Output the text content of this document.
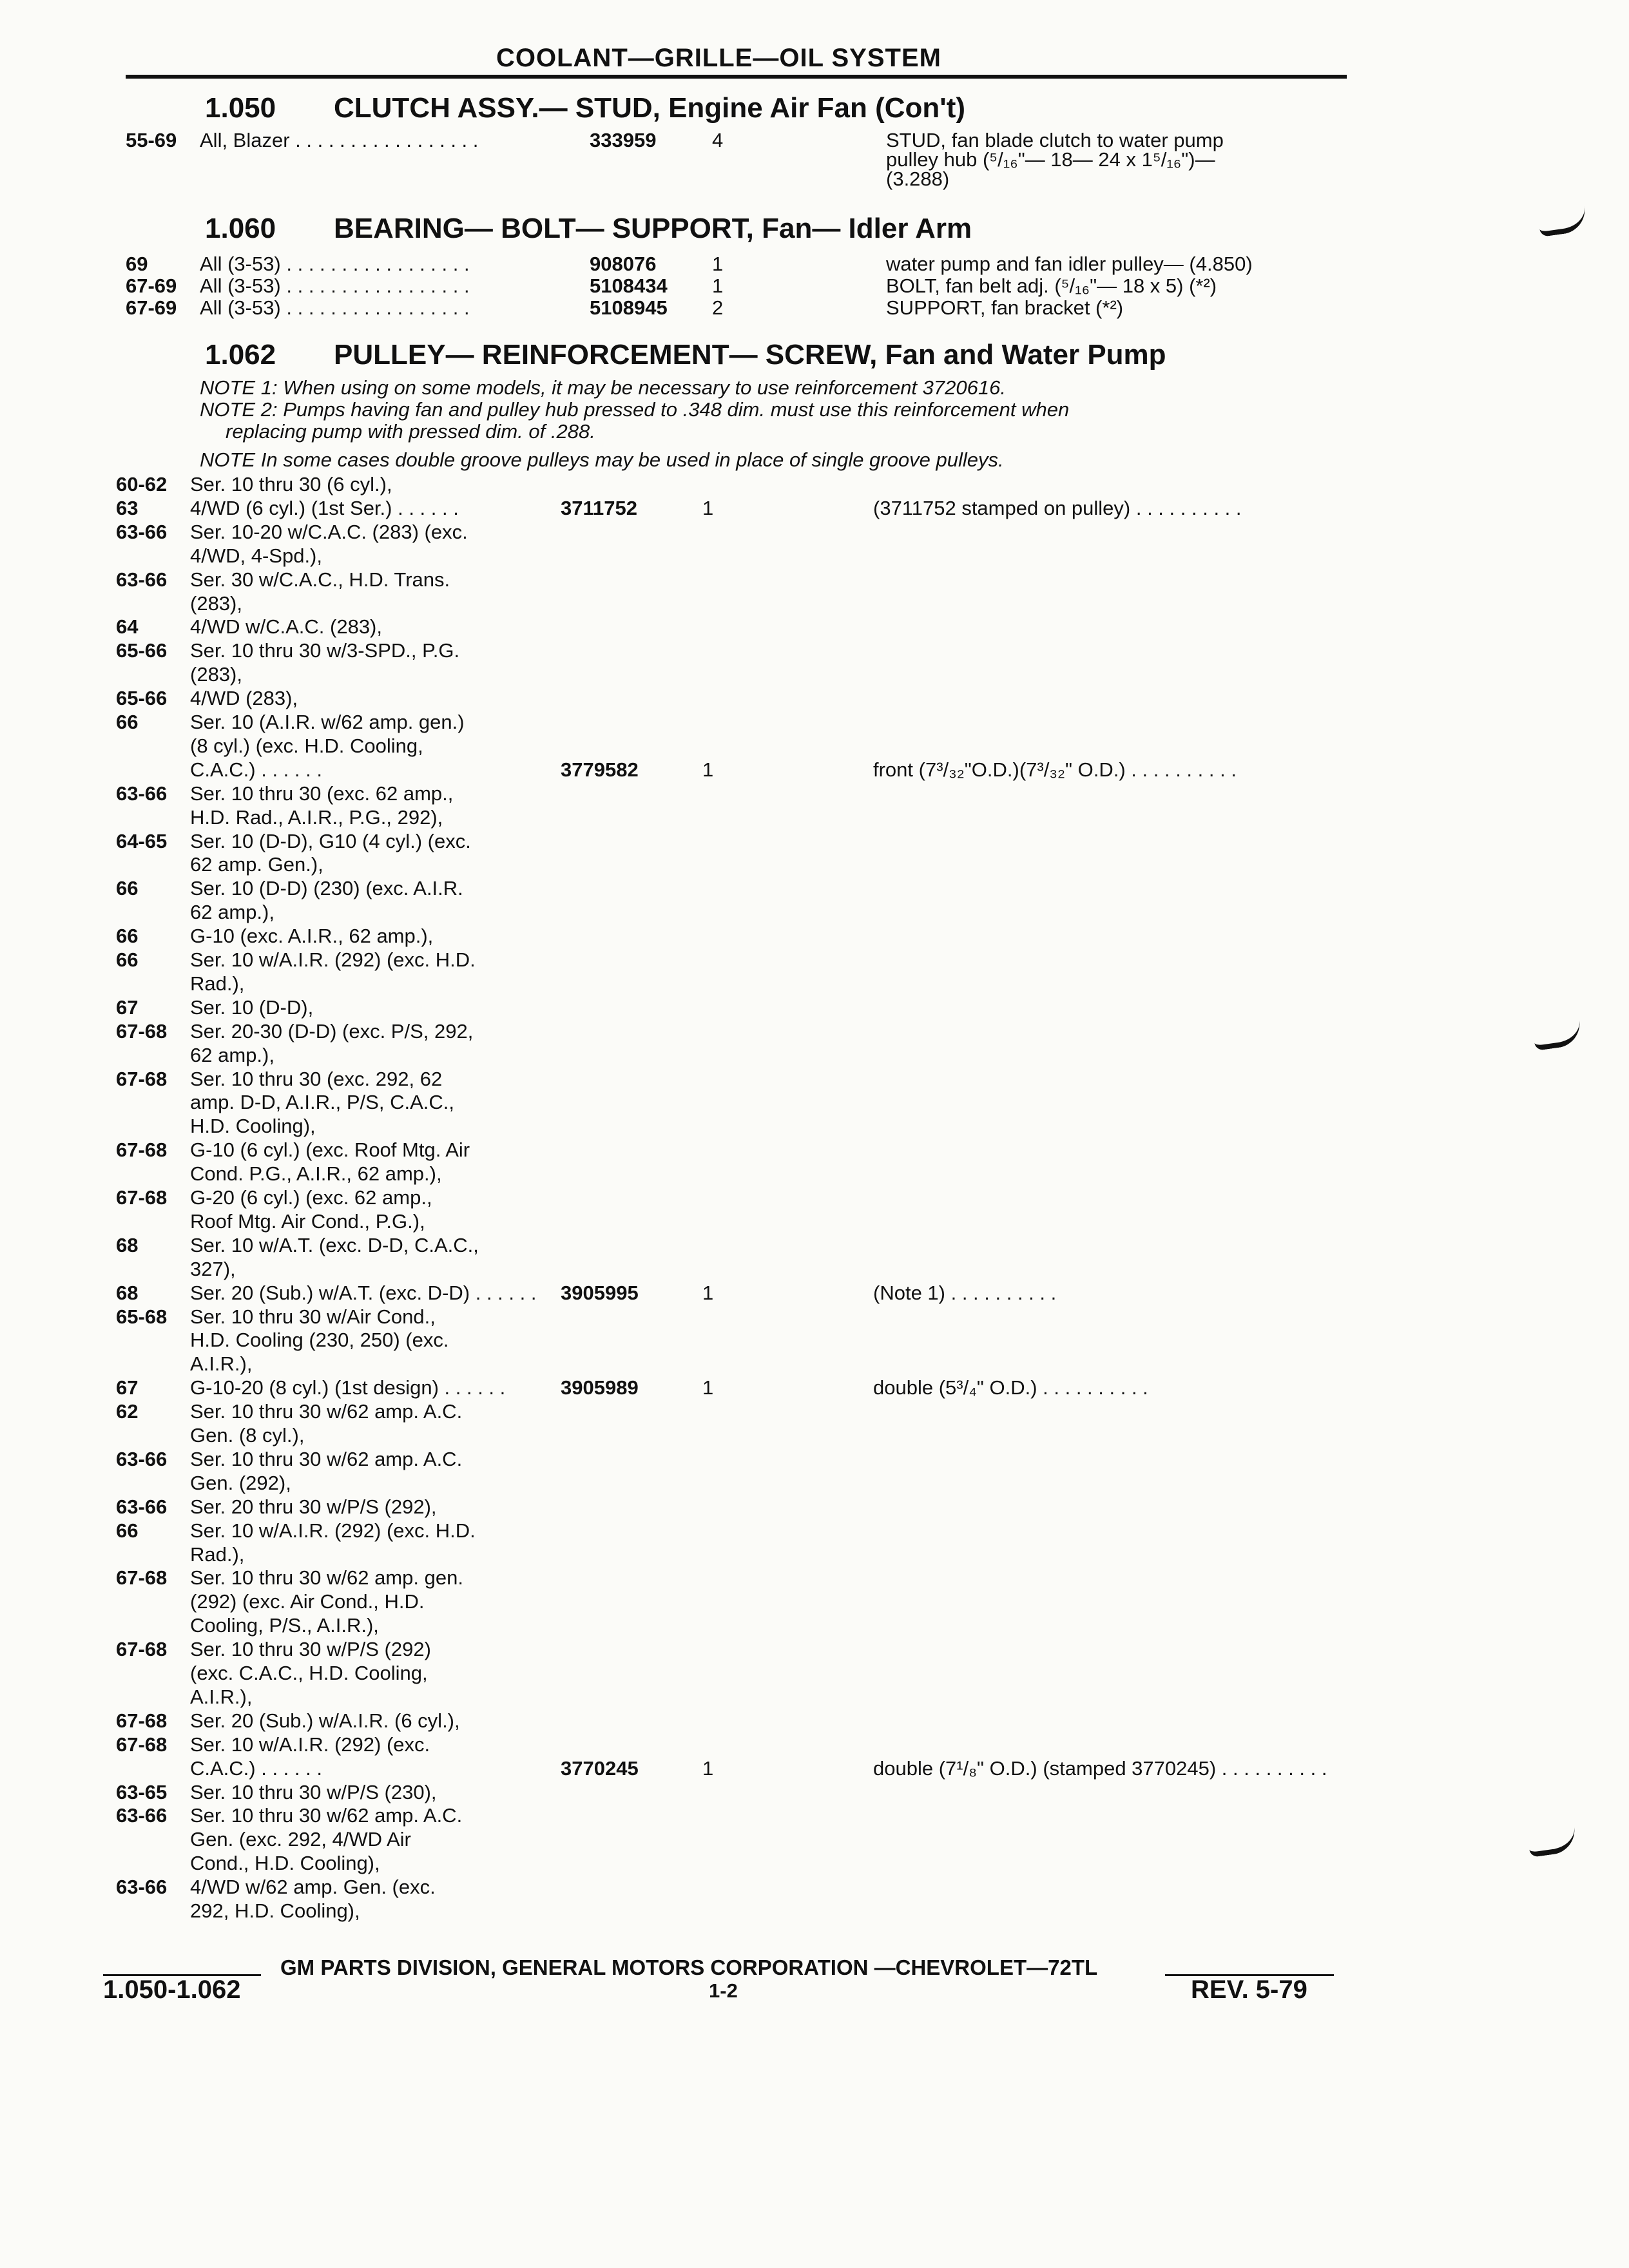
COOLANT—GRILLE—OIL SYSTEM
1.050 CLUTCH ASSY.— STUD, Engine Air Fan (Con't)
1.060 BEARING— BOLT— SUPPORT, Fan— Idler Arm
1.062 PULLEY— REINFORCEMENT— SCREW, Fan and Water Pump
NOTE 1: When using on some models, it may be necessary to use reinforcement 3720616.
NOTE 2: Pumps having fan and pulley hub pressed to .348 dim. must use this reinforcement when
replacing pump with pressed dim. of .288.
NOTE In some cases double groove pulleys may be used in place of single groove pulleys.
55-69 All, Blazer . . . . . . . . . . . . . . . . .	333959	4	STUD, fan blade clutch to water pump
pulley hub (⁵/₁₆"— 18— 24 x 1⁵/₁₆")—
(3.288)
69	All (3-53) . . . . . . . . . . . . . . . . .	908076	1	water pump and fan idler pulley— (4.850)
67-69 All (3-53) . . . . . . . . . . . . . . . . .	5108434 1	BOLT, fan belt adj. (⁵/₁₆"— 18 x 5) (*²)
67-69 All (3-53) . . . . . . . . . . . . . . . . .	5108945 2	SUPPORT, fan bracket (*²)
60-62 Ser. 10 thru 30 (6 cyl.),
63	4/WD (6 cyl.) (1st Ser.) . . . . . .	3711752	1	(3711752 stamped on pulley) . . . . . . . . . .
63-66 Ser. 10-20 w/C.A.C. (283) (exc.
4/WD, 4-Spd.),
63-66 Ser. 30 w/C.A.C., H.D. Trans.
(283),
64	4/WD w/C.A.C. (283),
65-66 Ser. 10 thru 30 w/3-SPD., P.G.
(283),
65-66 4/WD (283),
66	Ser. 10 (A.I.R. w/62 amp. gen.)
(8 cyl.) (exc. H.D. Cooling,
C.A.C.) . . . . . .	3779582	1	front (7³/₃₂"O.D.)(7³/₃₂" O.D.) . . . . . . . . . .
63-66 Ser. 10 thru 30 (exc. 62 amp.,
H.D. Rad., A.I.R., P.G., 292),
64-65 Ser. 10 (D-D), G10 (4 cyl.) (exc.
62 amp. Gen.),
66	Ser. 10 (D-D) (230) (exc. A.I.R.
62 amp.),
66	G-10 (exc. A.I.R., 62 amp.),
66	Ser. 10 w/A.I.R. (292) (exc. H.D.
Rad.),
67	Ser. 10 (D-D),
67-68 Ser. 20-30 (D-D) (exc. P/S, 292,
62 amp.),
67-68 Ser. 10 thru 30 (exc. 292, 62
amp. D-D, A.I.R., P/S, C.A.C.,
H.D. Cooling),
67-68 G-10 (6 cyl.) (exc. Roof Mtg. Air
Cond. P.G., A.I.R., 62 amp.),
67-68 G-20 (6 cyl.) (exc. 62 amp.,
Roof Mtg. Air Cond., P.G.),
68	Ser. 10 w/A.T. (exc. D-D, C.A.C.,
327),
68	Ser. 20 (Sub.) w/A.T. (exc. D-D) . . . . . . 3905995	1	(Note 1) . . . . . . . . . .
65-68 Ser. 10 thru 30 w/Air Cond.,
H.D. Cooling (230, 250) (exc.
A.I.R.),
67	G-10-20 (8 cyl.) (1st design) . . . . . .	3905989	1	double (5³/₄" O.D.) . . . . . . . . . .
62	Ser. 10 thru 30 w/62 amp. A.C.
Gen. (8 cyl.),
63-66 Ser. 10 thru 30 w/62 amp. A.C.
Gen. (292),
63-66 Ser. 20 thru 30 w/P/S (292),
66	Ser. 10 w/A.I.R. (292) (exc. H.D.
Rad.),
67-68 Ser. 10 thru 30 w/62 amp. gen.
(292) (exc. Air Cond., H.D.
Cooling, P/S., A.I.R.),
67-68 Ser. 10 thru 30 w/P/S (292)
(exc. C.A.C., H.D. Cooling,
A.I.R.),
67-68 Ser. 20 (Sub.) w/A.I.R. (6 cyl.),
67-68 Ser. 10 w/A.I.R. (292) (exc.
C.A.C.) . . . . . .	3770245	1	double (7¹/₈" O.D.) (stamped 3770245) . . . . . . . . . .
63-65 Ser. 10 thru 30 w/P/S (230),
63-66 Ser. 10 thru 30 w/62 amp. A.C.
Gen. (exc. 292, 4/WD Air
Cond., H.D. Cooling),
63-66 4/WD w/62 amp. Gen. (exc.
292, H.D. Cooling),
GM PARTS DIVISION, GENERAL MOTORS CORPORATION —CHEVROLET—72TL
1.050-1.062	1-2	REV. 5-79
